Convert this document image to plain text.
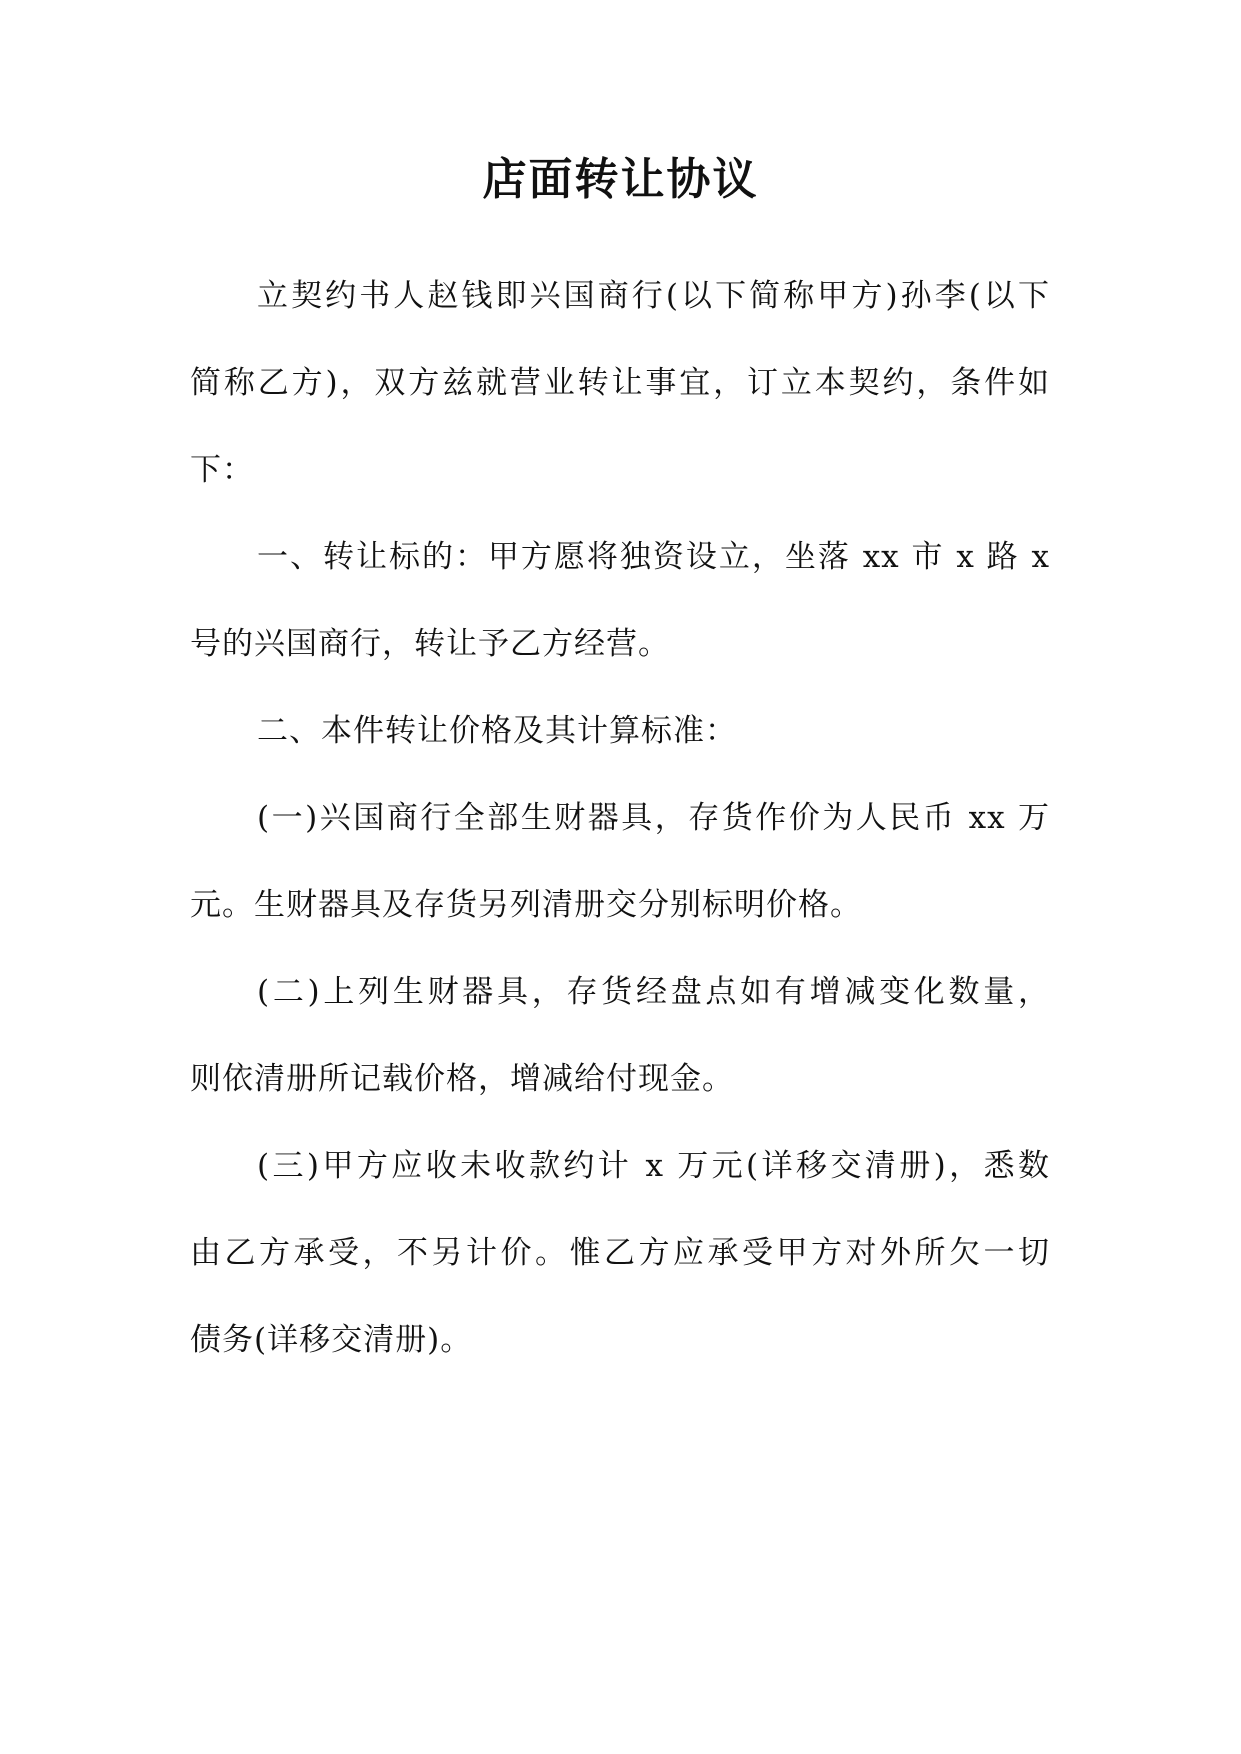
店面转让协议
立契约书人赵钱即兴国商行(以下简称甲方)孙李(以下
简称乙方)，双方兹就营业转让事宜，订立本契约，条件如
下：
一、转让标的：甲方愿将独资设立，坐落 xx 市 x 路 x
号的兴国商行，转让予乙方经营。
二、本件转让价格及其计算标准：
(一)兴国商行全部生财器具，存货作价为人民币 xx 万
元。生财器具及存货另列清册交分别标明价格。
(二)上列生财器具，存货经盘点如有增减变化数量，
则依清册所记载价格，增减给付现金。
(三)甲方应收未收款约计 x 万元(详移交清册)，悉数
由乙方承受，不另计价。惟乙方应承受甲方对外所欠一切
债务(详移交清册)。
